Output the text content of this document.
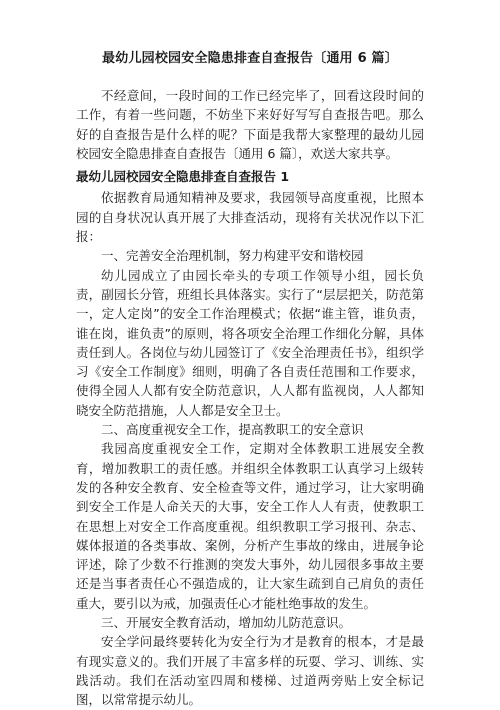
最幼儿园校园安全隐患排查自查报告〔通用 6 篇〕

不经意间，一段时间的工作已经完毕了，回看这段时间的工作，有着一些问题，不妨坐下来好好写写自查报告吧。那么好的自查报告是什么样的呢？下面是我帮大家整理的最幼儿园校园安全隐患排查自查报告〔通用 6 篇〕，欢送大家共享。

最幼儿园校园安全隐患排查自查报告 1

依据教育局通知精神及要求，我园领导高度重视，比照本园的自身状况认真开展了大排查活动，现将有关状况作以下汇报：

一、完善安全治理机制，努力构建平安和谐校园

幼儿园成立了由园长牵头的专项工作领导小组，园长负责，副园长分管，班组长具体落实。实行了“层层把关，防范第一，定人定岗”的安全工作治理模式；依据“谁主管，谁负责，谁在岗，谁负责”的原则，将各项安全治理工作细化分解，具体责任到人。各岗位与幼儿园签订了《安全治理责任书》，组织学习《安全工作制度》细则，明确了各自责任范围和工作要求，使得全园人人都有安全防范意识，人人都有监视岗，人人都知晓安全防范措施，人人都是安全卫士。

二、高度重视安全工作，提高教职工的安全意识

我园高度重视安全工作，定期对全体教职工进展安全教育，增加教职工的责任感。并组织全体教职工认真学习上级转发的各种安全教育、安全检查等文件，通过学习，让大家明确到安全工作是人命关天的大事，安全工作人人有责，使教职工在思想上对安全工作高度重视。组织教职工学习报刊、杂志、媒体报道的各类事故、案例，分析产生事故的缘由，进展争论评述，除了少数不行推测的突发大事外，幼儿园很多事故主要还是当事者责任心不强造成的，让大家生疏到自己肩负的责任重大，要引以为戒，加强责任心才能杜绝事故的发生。

三、开展安全教育活动，增加幼儿防范意识。

安全学问最终要转化为安全行为才是教育的根本，才是最有现实意义的。我们开展了丰富多样的玩耍、学习、训练、实践活动。我们在活动室四周和楼梯、过道两旁贴上安全标记图，以常常提示幼儿。
